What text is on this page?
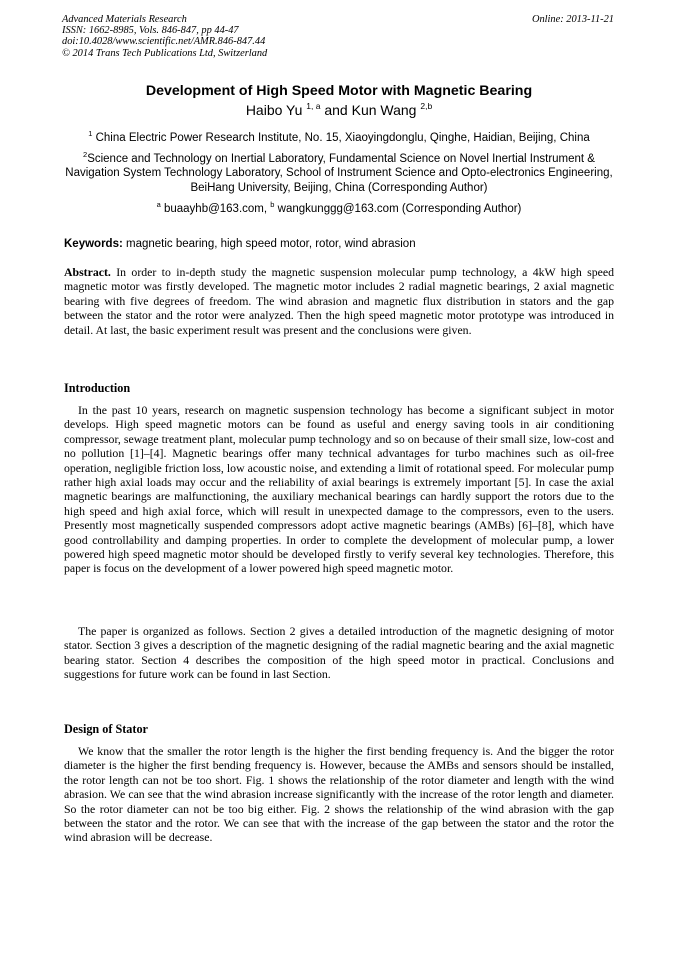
Advanced Materials Research
ISSN: 1662-8985, Vols. 846-847, pp 44-47
doi:10.4028/www.scientific.net/AMR.846-847.44
© 2014 Trans Tech Publications Ltd, Switzerland
Online: 2013-11-21
Development of High Speed Motor with Magnetic Bearing
Haibo Yu $^{1, a}$ and Kun Wang $^{2,b}$
$^1$ China Electric Power Research Institute, No. 15, Xiaoyingdonglu, Qinghe, Haidian, Beijing, China
$^2$Science and Technology on Inertial Laboratory, Fundamental Science on Novel Inertial Instrument & Navigation System Technology Laboratory, School of Instrument Science and Opto-electronics Engineering, BeiHang University, Beijing, China (Corresponding Author)
$^a$ buaayhb@163.com, $^b$ wangkunggg@163.com (Corresponding Author)
Keywords: magnetic bearing, high speed motor, rotor, wind abrasion
Abstract. In order to in-depth study the magnetic suspension molecular pump technology, a 4kW high speed magnetic motor was firstly developed. The magnetic motor includes 2 radial magnetic bearings, 2 axial magnetic bearing with five degrees of freedom. The wind abrasion and magnetic flux distribution in stators and the gap between the stator and the rotor were analyzed. Then the high speed magnetic motor prototype was introduced in detail. At last, the basic experiment result was present and the conclusions were given.
Introduction
In the past 10 years, research on magnetic suspension technology has become a significant subject in motor develops. High speed magnetic motors can be found as useful and energy saving tools in air conditioning compressor, sewage treatment plant, molecular pump technology and so on because of their small size, low-cost and no pollution [1]–[4]. Magnetic bearings offer many technical advantages for turbo machines such as oil-free operation, negligible friction loss, low acoustic noise, and extending a limit of rotational speed. For molecular pump rather high axial loads may occur and the reliability of axial bearings is extremely important [5]. In case the axial magnetic bearings are malfunctioning, the auxiliary mechanical bearings can hardly support the rotors due to the high speed and high axial force, which will result in unexpected damage to the compressors, even to the users. Presently most magnetically suspended compressors adopt active magnetic bearings (AMBs) [6]–[8], which have good controllability and damping properties. In order to complete the development of molecular pump, a lower powered high speed magnetic motor should be developed firstly to verify several key technologies. Therefore, this paper is focus on the development of a lower powered high speed magnetic motor.
The paper is organized as follows. Section 2 gives a detailed introduction of the magnetic designing of motor stator. Section 3 gives a description of the magnetic designing of the radial magnetic bearing and the axial magnetic bearing stator. Section 4 describes the composition of the high speed motor in practical. Conclusions and suggestions for future work can be found in last Section.
Design of Stator
We know that the smaller the rotor length is the higher the first bending frequency is. And the bigger the rotor diameter is the higher the first bending frequency is. However, because the AMBs and sensors should be installed, the rotor length can not be too short. Fig. 1 shows the relationship of the rotor diameter and length with the wind abrasion. We can see that the wind abrasion increase significantly with the increase of the rotor length and diameter. So the rotor diameter can not be too big either. Fig. 2 shows the relationship of the wind abrasion with the gap between the stator and the rotor. We can see that with the increase of the gap between the stator and the rotor the wind abrasion will be decrease.
